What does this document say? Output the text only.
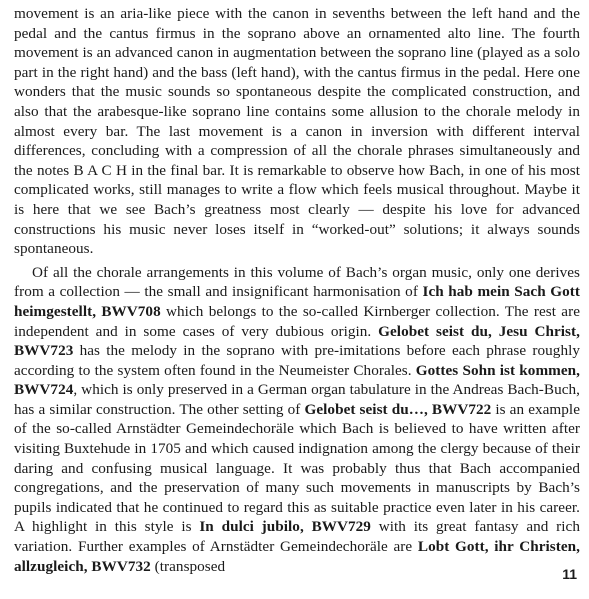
movement is an aria-like piece with the canon in sevenths between the left hand and the pedal and the cantus firmus in the soprano above an ornamented alto line. The fourth movement is an advanced canon in augmentation between the soprano line (played as a solo part in the right hand) and the bass (left hand), with the cantus firmus in the pedal. Here one wonders that the music sounds so spontaneous despite the complicated construction, and also that the arabesque-like soprano line contains some allusion to the chorale melody in almost every bar. The last movement is a canon in inversion with different interval differences, concluding with a compression of all the chorale phrases simultaneously and the notes B A C H in the final bar. It is remarkable to observe how Bach, in one of his most complicated works, still manages to write a flow which feels musical throughout. Maybe it is here that we see Bach’s greatness most clearly — despite his love for advanced constructions his music never loses itself in “worked-out” solutions; it always sounds spontaneous.

Of all the chorale arrangements in this volume of Bach’s organ music, only one derives from a collection — the small and insignificant harmonisation of Ich hab mein Sach Gott heimgestellt, BWV708 which belongs to the so-called Kirnberger collection. The rest are independent and in some cases of very dubious origin. Gelobet seist du, Jesu Christ, BWV723 has the melody in the soprano with pre-imitations before each phrase roughly according to the system often found in the Neumeister Chorales. Gottes Sohn ist kommen, BWV724, which is only preserved in a German organ tabulature in the Andreas Bach-Buch, has a similar construction. The other setting of Gelobet seist du…, BWV722 is an example of the so-called Arnstädter Gemeindechoräle which Bach is believed to have written after visiting Buxtehude in 1705 and which caused indignation among the clergy because of their daring and confusing musical language. It was probably thus that Bach accompanied congregations, and the preservation of many such movements in manuscripts by Bach’s pupils indicated that he continued to regard this as suitable practice even later in his career. A highlight in this style is In dulci jubilo, BWV729 with its great fantasy and rich variation. Further examples of Arnstädter Gemeindechoräle are Lobt Gott, ihr Christen, allzugleich, BWV732 (transposed	11
